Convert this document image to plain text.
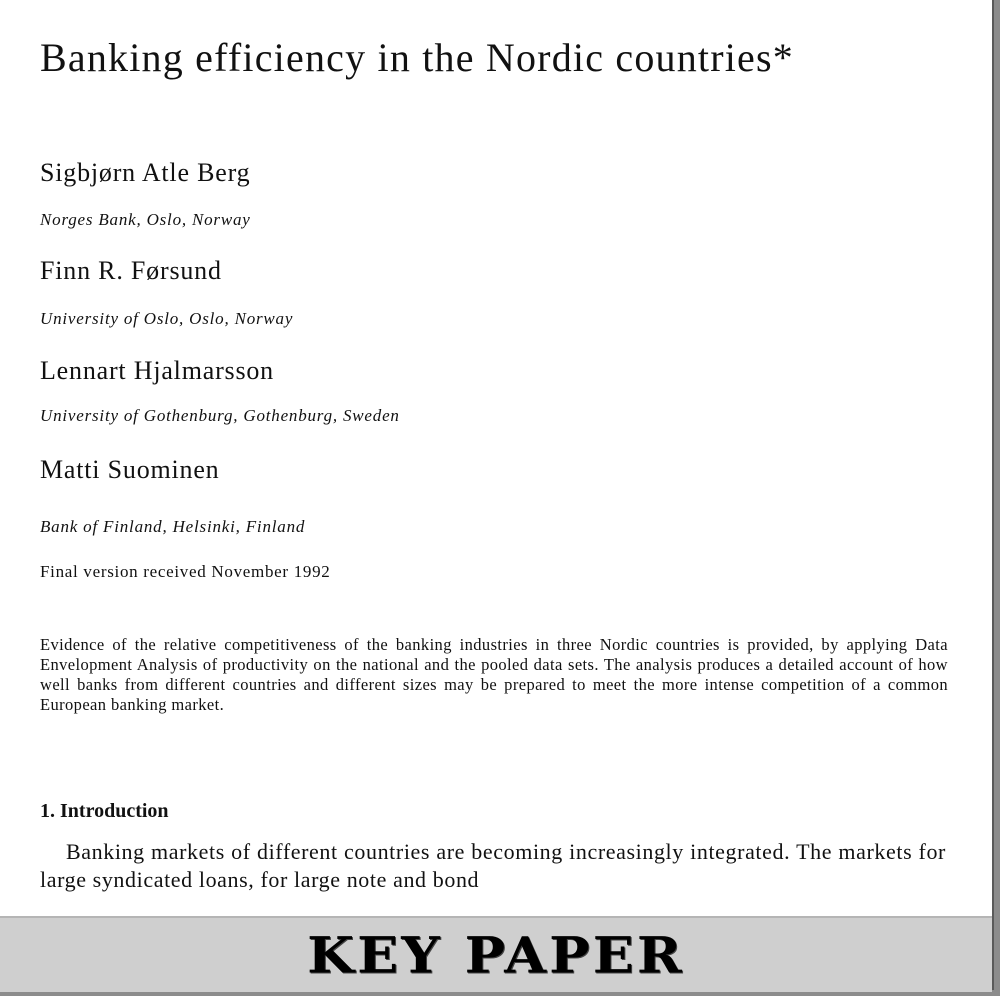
Banking efficiency in the Nordic countries*

Sigbjørn Atle Berg

Norges Bank, Oslo, Norway

Finn R. Førsund

University of Oslo, Oslo, Norway

Lennart Hjalmarsson

University of Gothenburg, Gothenburg, Sweden

Matti Suominen

Bank of Finland, Helsinki, Finland

Final version received November 1992

Evidence of the relative competitiveness of the banking industries in three Nordic countries is provided, by applying Data Envelopment Analysis of productivity on the national and the pooled data sets. The analysis produces a detailed account of how well banks from different countries and different sizes may be prepared to meet the more intense competition of a common European banking market.

1. Introduction

Banking markets of different countries are becoming increasingly integrated. The markets for large syndicated loans, for large note and bond

KEY PAPER
